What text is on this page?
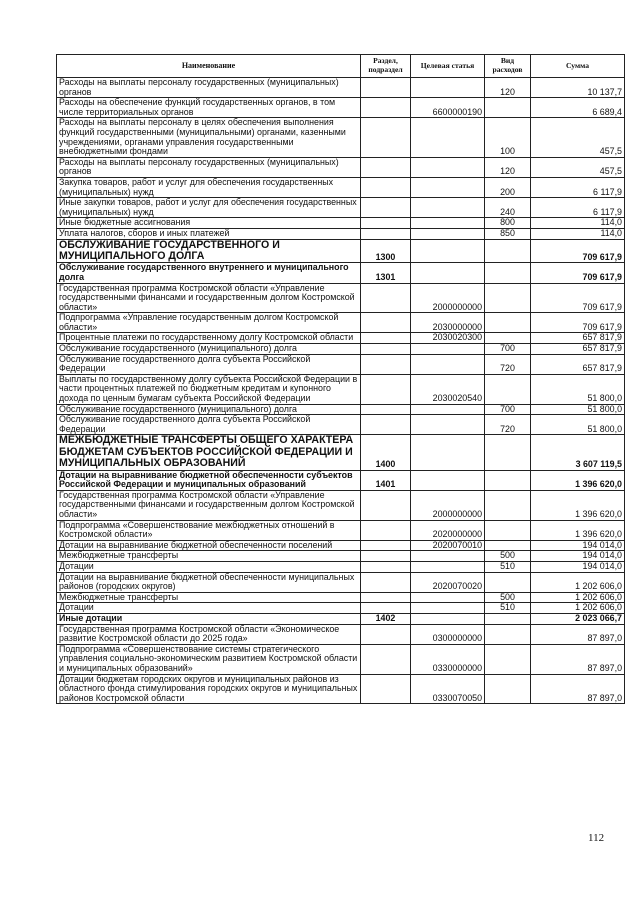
Наименование	Раздел, подраздел	Целевая статья	Вид расходов	Сумма
Расходы на выплаты персоналу государственных (муниципальных) органов			120	10 137,7
Расходы на обеспечение функций государственных органов, в том числе территориальных органов		6600000190		6 689,4
Расходы на выплаты персоналу в целях обеспечения выполнения функций государственными (муниципальными) органами, казенными учреждениями, органами управления государственными внебюджетными фондами			100	457,5
Расходы на выплаты персоналу государственных (муниципальных) органов			120	457,5
Закупка товаров, работ и услуг для обеспечения государственных (муниципальных) нужд			200	6 117,9
Иные закупки товаров, работ и услуг для обеспечения государственных (муниципальных) нужд			240	6 117,9
Иные бюджетные ассигнования			800	114,0
Уплата налогов, сборов и иных платежей			850	114,0
ОБСЛУЖИВАНИЕ ГОСУДАРСТВЕННОГО И МУНИЦИПАЛЬНОГО ДОЛГА	1300			709 617,9
Обслуживание государственного внутреннего и муниципального долга	1301			709 617,9
Государственная программа Костромской области «Управление государственными финансами и государственным долгом Костромской области»		2000000000		709 617,9
Подпрограмма «Управление государственным долгом Костромской области»		2030000000		709 617,9
Процентные платежи по государственному долгу Костромской области		2030020300		657 817,9
Обслуживание государственного (муниципального) долга			700	657 817,9
Обслуживание государственного долга субъекта Российской Федерации			720	657 817,9
Выплаты по государственному долгу субъекта Российской Федерации в части процентных платежей по бюджетным кредитам и купонного дохода по ценным бумагам субъекта Российской Федерации		2030020540		51 800,0
Обслуживание государственного (муниципального) долга			700	51 800,0
Обслуживание государственного долга субъекта Российской Федерации			720	51 800,0
МЕЖБЮДЖЕТНЫЕ ТРАНСФЕРТЫ ОБЩЕГО ХАРАКТЕРА БЮДЖЕТАМ СУБЪЕКТОВ РОССИЙСКОЙ ФЕДЕРАЦИИ И МУНИЦИПАЛЬНЫХ ОБРАЗОВАНИЙ	1400			3 607 119,5
Дотации на выравнивание бюджетной обеспеченности субъектов Российской Федерации и муниципальных образований	1401			1 396 620,0
Государственная программа Костромской области «Управление государственными финансами и государственным долгом Костромской области»		2000000000		1 396 620,0
Подпрограмма «Совершенствование межбюджетных отношений в Костромской области»		2020000000		1 396 620,0
Дотации на выравнивание бюджетной обеспеченности поселений		2020070010		194 014,0
Межбюджетные трансферты			500	194 014,0
Дотации			510	194 014,0
Дотации на выравнивание бюджетной обеспеченности муниципальных районов (городских округов)		2020070020		1 202 606,0
Межбюджетные трансферты			500	1 202 606,0
Дотации			510	1 202 606,0
Иные дотации	1402			2 023 066,7
Государственная программа Костромской области «Экономическое развитие Костромской области до 2025 года»		0300000000		87 897,0
Подпрограмма «Совершенствование системы стратегического управления социально-экономическим развитием Костромской области и муниципальных образований»		0330000000		87 897,0
Дотации бюджетам городских округов и муниципальных районов из областного фонда стимулирования городских округов и муниципальных районов Костромской области		0330070050		87 897,0
112
